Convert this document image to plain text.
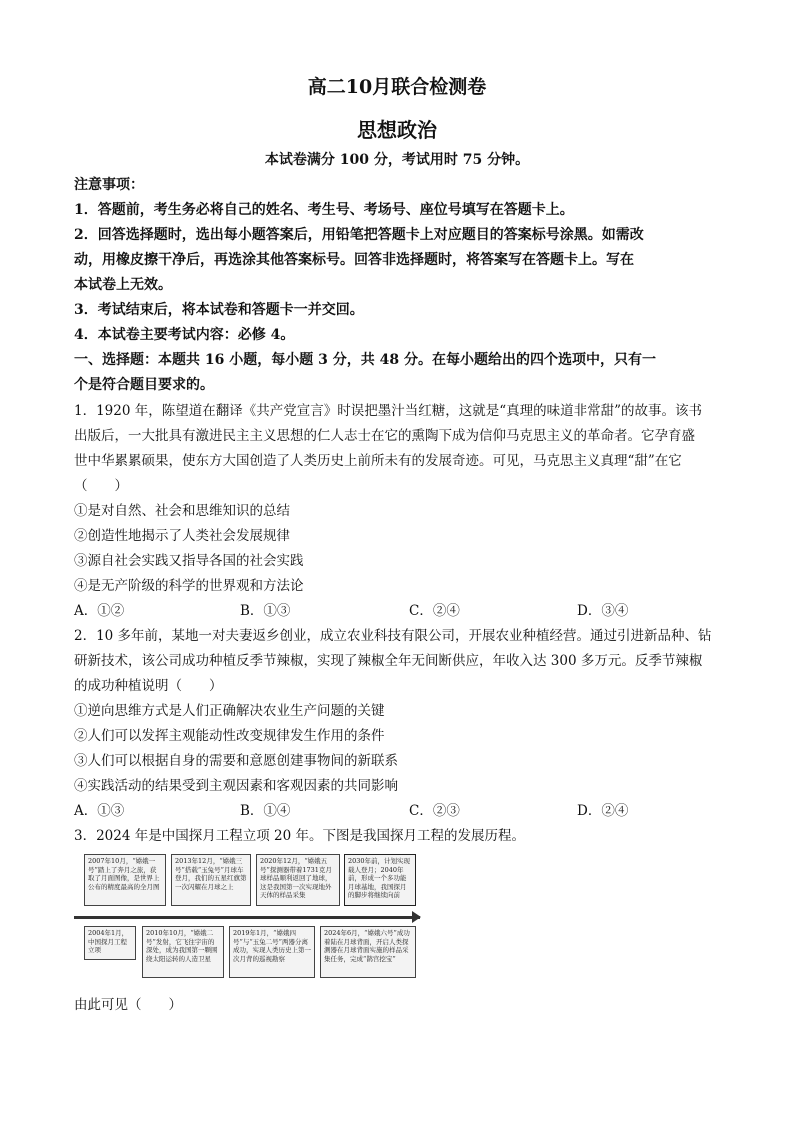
高二10月联合检测卷
思想政治
本试卷满分 100 分，考试用时 75 分钟。
注意事项：
1．答题前，考生务必将自己的姓名、考生号、考场号、座位号填写在答题卡上。
2．回答选择题时，选出每小题答案后，用铅笔把答题卡上对应题目的答案标号涂黑。如需改
动，用橡皮擦干净后，再选涂其他答案标号。回答非选择题时，将答案写在答题卡上。写在
本试卷上无效。
3．考试结束后，将本试卷和答题卡一并交回。
4．本试卷主要考试内容：必修 4。
一、选择题：本题共 16 小题，每小题 3 分，共 48 分。在每小题给出的四个选项中，只有一
个是符合题目要求的。
1．1920 年，陈望道在翻译《共产党宣言》时误把墨汁当红糖，这就是“真理的味道非常甜”的故事。该书
出版后，一大批具有激进民主主义思想的仁人志士在它的熏陶下成为信仰马克思主义的革命者。它孕育盛
世中华累累硕果，使东方大国创造了人类历史上前所未有的发展奇迹。可见，马克思主义真理“甜”在它
（　　）
①是对自然、社会和思维知识的总结
②创造性地揭示了人类社会发展规律
③源自社会实践又指导各国的社会实践
④是无产阶级的科学的世界观和方法论
A．①②	B．①③	C．②④	D．③④
2．10 多年前，某地一对夫妻返乡创业，成立农业科技有限公司，开展农业种植经营。通过引进新品种、钻
研新技术，该公司成功种植反季节辣椒，实现了辣椒全年无间断供应，年收入达 300 多万元。反季节辣椒
的成功种植说明（　　）
①逆向思维方式是人们正确解决农业生产问题的关键
②人们可以发挥主观能动性改变规律发生作用的条件
③人们可以根据自身的需要和意愿创建事物间的新联系
④实践活动的结果受到主观因素和客观因素的共同影响
A．①③	B．①④	C．②③	D．②④
3．2024 年是中国探月工程立项 20 年。下图是我国探月工程的发展历程。
2007年10月，“嫦娥一号”踏上了奔月之旅，获取了月面图像，是世界上公布的精度最高的全月图
2013年12月，“嫦娥三号”搭载“玉兔号”月球车登月，我们的五星红旗第一次闪耀在月球之上
2020年12月，“嫦娥五号”探测器带着1731克月球样品顺利返回了地球，这是我国第一次实现地外天体的样品采集
2030年前，计划实现载人登月；2040年前，形成一个多功能月球基地，我国探月的脚步将继续向前
2004年1月，中国探月工程立项
2010年10月，“嫦娥二号”发射，它飞往宇宙的深处，成为我国第一颗围绕太阳运转的人造卫星
2019年1月，“嫦娥四号”与“玉兔二号”两器分离成功，实现人类历史上第一次月背的巡视勘察
2024年6月，“嫦娥六号”成功着陆在月球背面，开启人类探测器在月球背面实施的样品采集任务，完成“鹊宫挖宝”
由此可见（　　）
